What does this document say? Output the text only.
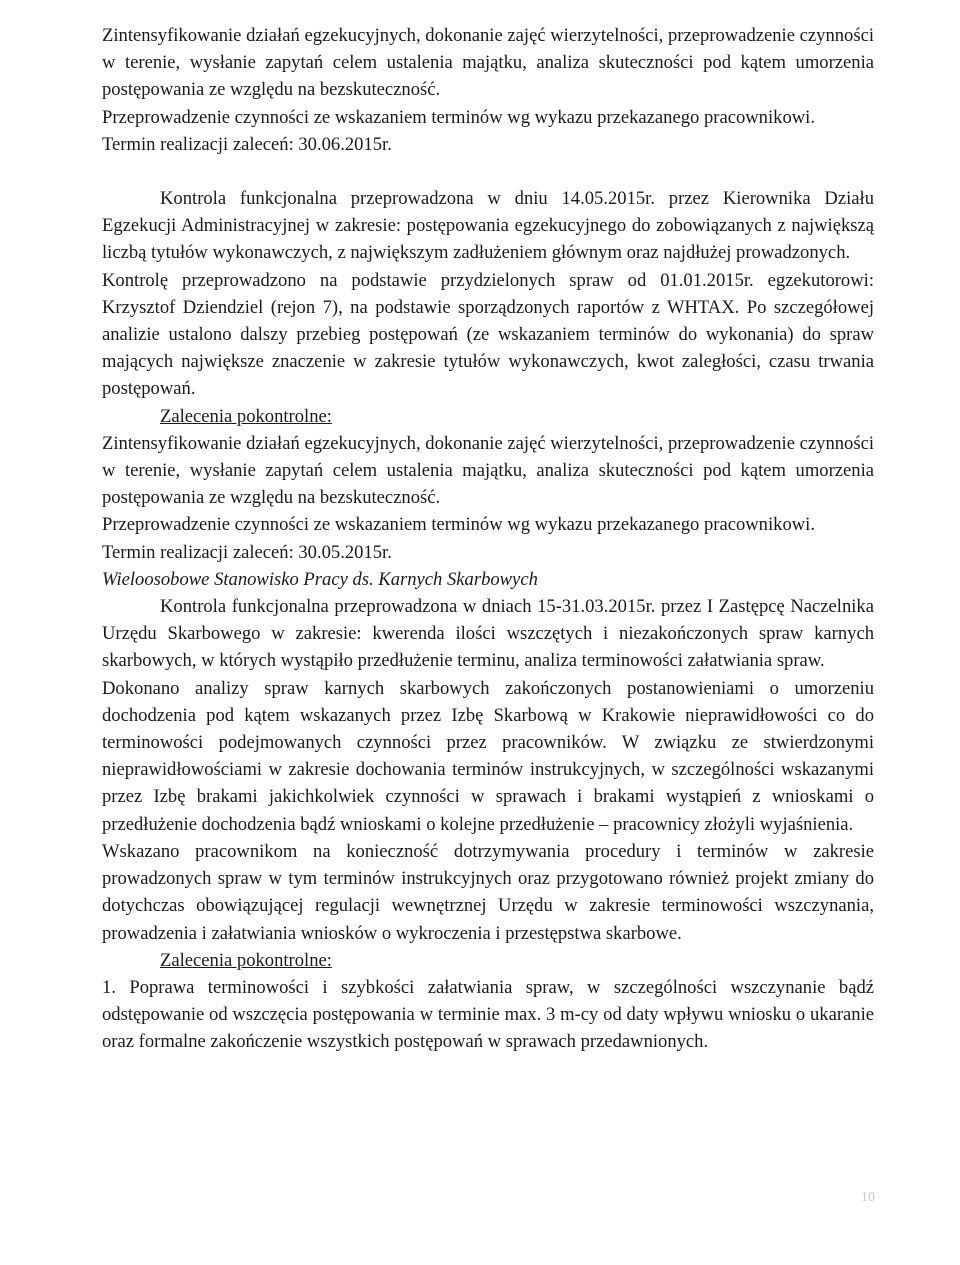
Zintensyfikowanie działań egzekucyjnych, dokonanie zajęć wierzytelności, przeprowadzenie czynności w terenie, wysłanie zapytań celem ustalenia majątku, analiza skuteczności pod kątem umorzenia postępowania ze względu na bezskuteczność.

Przeprowadzenie czynności ze wskazaniem terminów wg wykazu przekazanego pracownikowi.

Termin realizacji zaleceń: 30.06.2015r.

Kontrola funkcjonalna przeprowadzona w dniu 14.05.2015r. przez Kierownika Działu Egzekucji Administracyjnej w zakresie: postępowania egzekucyjnego do zobowiązanych z największą liczbą tytułów wykonawczych, z największym zadłużeniem głównym oraz najdłużej prowadzonych.

Kontrolę przeprowadzono na podstawie przydzielonych spraw od 01.01.2015r. egzekutorowi: Krzysztof Dziendziel (rejon 7), na podstawie sporządzonych raportów z WHTAX. Po szczegółowej analizie ustalono dalszy przebieg postępowań (ze wskazaniem terminów do wykonania) do spraw mających największe znaczenie w zakresie tytułów wykonawczych, kwot zaległości, czasu trwania postępowań.

Zalecenia pokontrolne:

Zintensyfikowanie działań egzekucyjnych, dokonanie zajęć wierzytelności, przeprowadzenie czynności w terenie, wysłanie zapytań celem ustalenia majątku, analiza skuteczności pod kątem umorzenia postępowania ze względu na bezskuteczność.

Przeprowadzenie czynności ze wskazaniem terminów wg wykazu przekazanego pracownikowi.

Termin realizacji zaleceń: 30.05.2015r.

Wieloosobowe Stanowisko Pracy ds. Karnych Skarbowych

Kontrola funkcjonalna przeprowadzona w dniach 15-31.03.2015r. przez I Zastępcę Naczelnika Urzędu Skarbowego w zakresie: kwerenda ilości wszczętych i niezakończonych spraw karnych skarbowych, w których wystąpiło przedłużenie terminu, analiza terminowości załatwiania spraw.

Dokonano analizy spraw karnych skarbowych zakończonych postanowieniami o umorzeniu dochodzenia pod kątem wskazanych przez Izbę Skarbową w Krakowie nieprawidłowości co do terminowości podejmowanych czynności przez pracowników. W związku ze stwierdzonymi nieprawidłowościami w zakresie dochowania terminów instrukcyjnych, w szczególności wskazanymi przez Izbę brakami jakichkolwiek czynności w sprawach i brakami wystąpień z wnioskami o przedłużenie dochodzenia bądź wnioskami o kolejne przedłużenie – pracownicy złożyli wyjaśnienia.

Wskazano pracownikom na konieczność dotrzymywania procedury i terminów w zakresie prowadzonych spraw w tym terminów instrukcyjnych oraz przygotowano również projekt zmiany do dotychczas obowiązującej regulacji wewnętrznej Urzędu w zakresie terminowości wszczynania, prowadzenia i załatwiania wniosków o wykroczenia i przestępstwa skarbowe.

Zalecenia pokontrolne:

1. Poprawa terminowości i szybkości załatwiania spraw, w szczególności wszczynanie bądź odstępowanie od wszczęcia postępowania w terminie max. 3 m-cy od daty wpływu wniosku o ukaranie oraz formalne zakończenie wszystkich postępowań w sprawach przedawnionych.

10
